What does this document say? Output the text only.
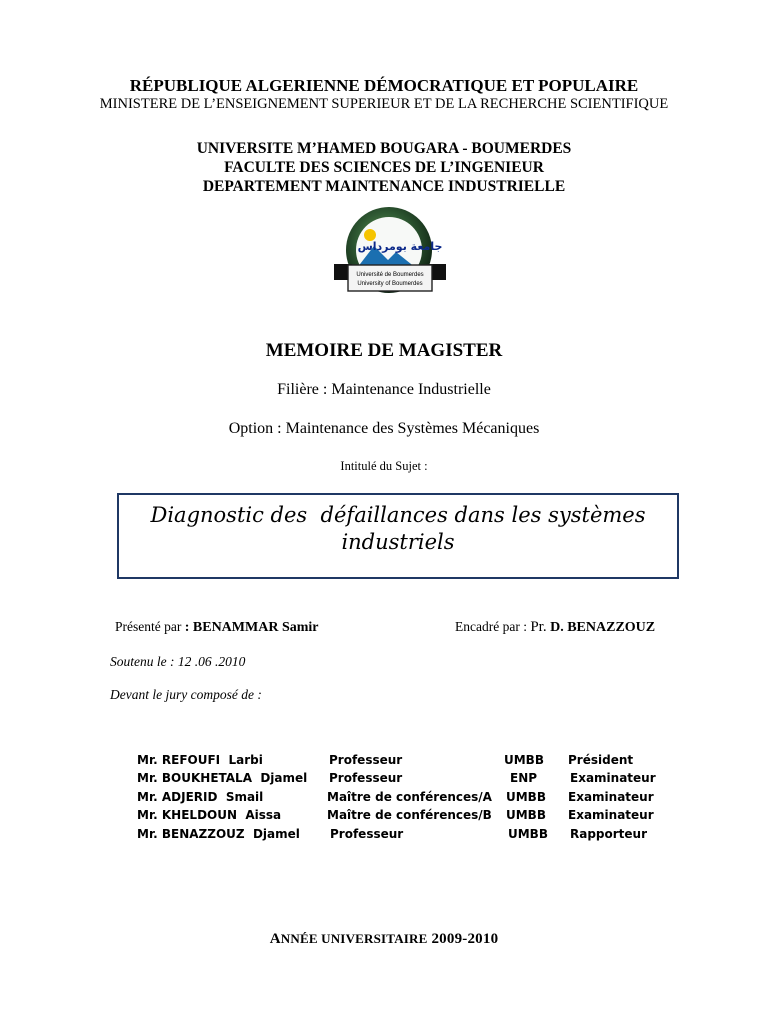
RÉPUBLIQUE ALGERIENNE DÉMOCRATIQUE ET POPULAIRE
MINISTERE DE L’ENSEIGNEMENT SUPERIEUR ET DE LA RECHERCHE SCIENTIFIQUE
UNIVERSITE M’HAMED BOUGARA - BOUMERDES
FACULTE DES SCIENCES DE L’INGENIEUR
DEPARTEMENT MAINTENANCE INDUSTRIELLE
جامعة بومرداس
Université de Boumerdes
University of Boumerdes
MEMOIRE DE MAGISTER
Filière : Maintenance Industrielle
Option : Maintenance des Systèmes Mécaniques
Intitulé du Sujet :
Diagnostic des  défaillances dans les systèmes
industriels
Présenté par : BENAMMAR Samir	Encadré par : Pr. D. BENAZZOUZ
Soutenu le : 12 .06 .2010
Devant le jury composé de :
Mr. REFOUFI  Larbi	Professeur	UMBB Président
Mr. BOUKHETALA  Djamel Professeur	ENP	Examinateur
Mr. ADJERID  Smail	Maître de conférences/A UMBB Examinateur
Mr. KHELDOUN  Aissa	Maître de conférences/B UMBB Examinateur
Mr. BENAZZOUZ  Djamel	Professeur	UMBB Rapporteur
ANNÉE UNIVERSITAIRE 2009-2010
